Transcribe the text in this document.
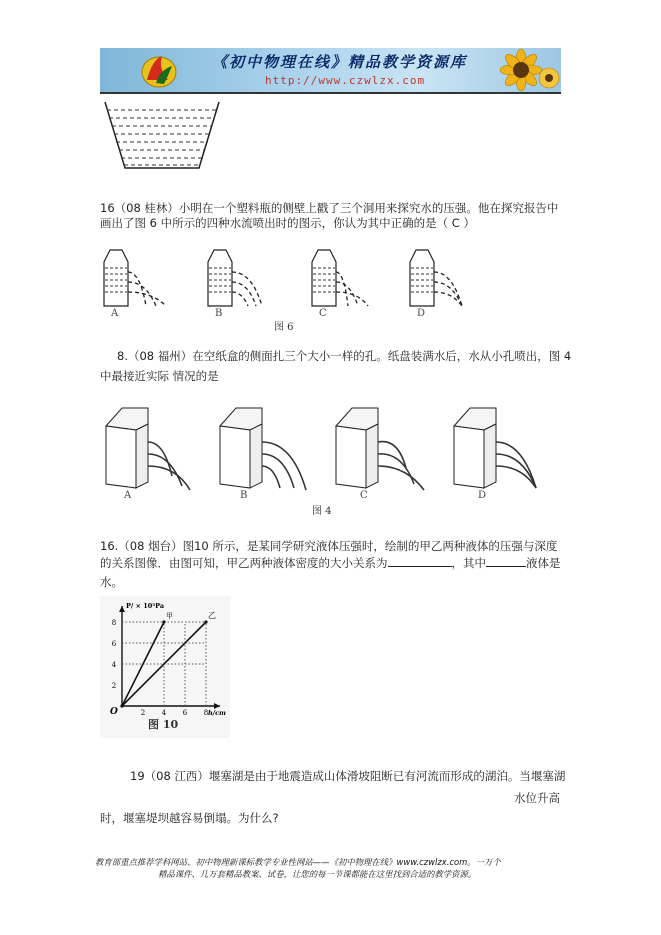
《初中物理在线》精品教学资源库
http://www.czwlzx.com
16（08 桂林）小明在一个塑料瓶的侧壁上戳了三个洞用来探究水的压强。他在探究报告中
画出了图 6 中所示的四种水流喷出时的图示，你认为其中正确的是（ C ）
A	B	C	D
图 6
8.（08 福州）在空纸盒的侧面扎三个大小一样的孔。纸盘装满水后，水从小孔喷出，图 4
中最接近实际 情况的是
A	B	C	D
图 4
16.（08 烟台）图10 所示，是某同学研究液体压强时，绘制的甲乙两种液体的压强与深度
的关系图像．由图可知，甲乙两种液体密度的大小关系为	，其中	液体是
水。
甲	乙
2
4
6
8
2 4 6 8
O
P/ × 10³Pa
h/cm
图 10
19（08 江西）堰塞湖是由于地震造成山体滑坡阻断已有河流而形成的湖泊。当堰塞湖
水位升高
时，堰塞堤坝越容易倒塌。为什么?
教育部重点推荐学科网站、初中物理新课标教学专业性网站——《初中物理在线》www.czwlzx.com。一万个
精品课件、几万套精品教案、试卷，让您的每一节课都能在这里找到合适的教学资源。
